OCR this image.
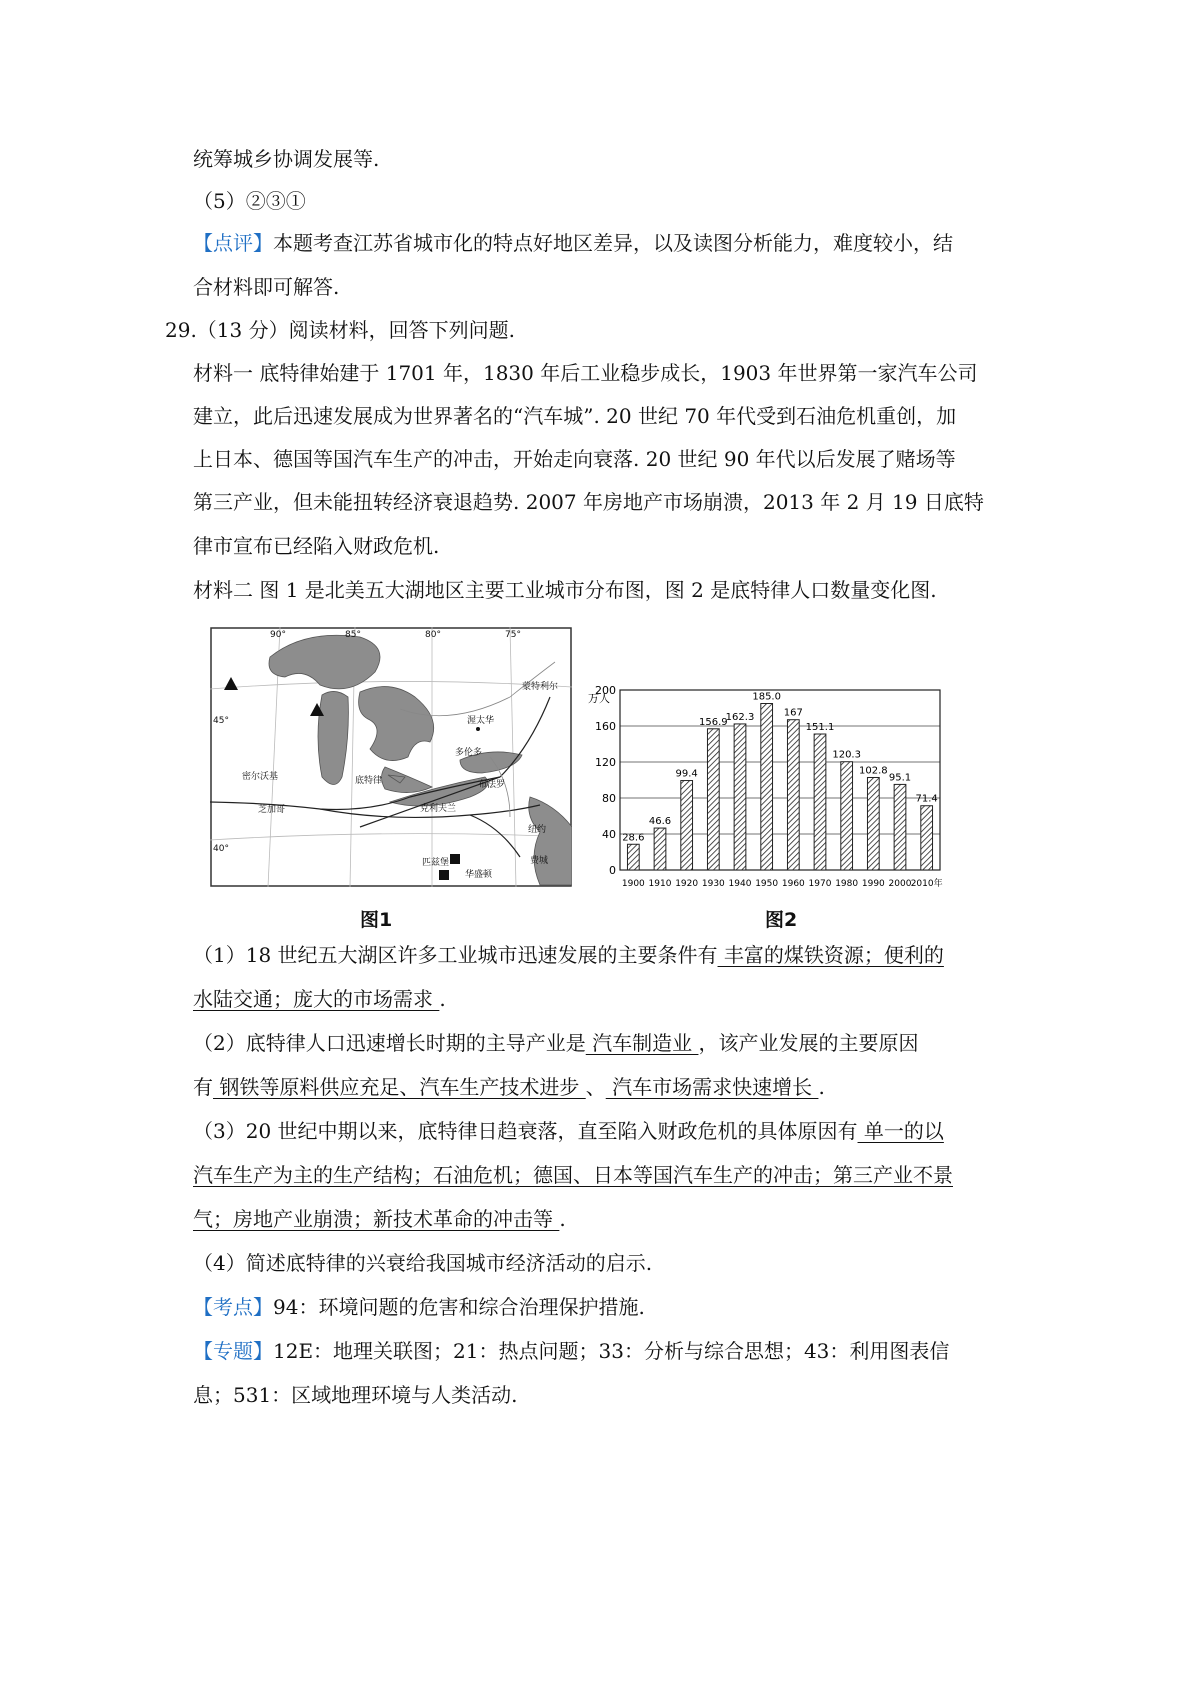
统筹城乡协调发展等.
（5）②③①
【点评】本题考查江苏省城市化的特点好地区差异，以及读图分析能力，难度较小，结
合材料即可解答.
29.（13 分）阅读材料，回答下列问题.
材料一 底特律始建于 1701 年，1830 年后工业稳步成长，1903 年世界第一家汽车公司
建立，此后迅速发展成为世界著名的“汽车城”. 20 世纪 70 年代受到石油危机重创，加
上日本、德国等国汽车生产的冲击，开始走向衰落. 20 世纪 90 年代以后发展了赌场等
第三产业，但未能扭转经济衰退趋势. 2007 年房地产市场崩溃，2013 年 2 月 19 日底特
律市宣布已经陷入财政危机.
材料二 图 1 是北美五大湖地区主要工业城市分布图，图 2 是底特律人口数量变化图.
90°	85°	80°	75°
45°
40°
蒙特利尔
渥太华
多伦多
密尔沃基
芝加哥
底特律	布法罗
克利夫兰
纽约
匹兹堡
华盛顿
费城
图1
万人
0
40
80
120
160
200
28.6
1900
46.6
1910
99.4
1920
156.9
1930
162.3
1940
185.0
1950
167
1960
151.1
1970
120.3
1980
102.8
1990
95.1
2000
71.4
2010年
图2
（1）18 世纪五大湖区许多工业城市迅速发展的主要条件有 丰富的煤铁资源；便利的
水陆交通；庞大的市场需求 .
（2）底特律人口迅速增长时期的主导产业是 汽车制造业 ，该产业发展的主要原因
有 钢铁等原料供应充足、汽车生产技术进步 、 汽车市场需求快速增长 .
（3）20 世纪中期以来，底特律日趋衰落，直至陷入财政危机的具体原因有 单一的以
汽车生产为主的生产结构；石油危机；德国、日本等国汽车生产的冲击；第三产业不景
气；房地产业崩溃；新技术革命的冲击等 .
（4）简述底特律的兴衰给我国城市经济活动的启示.
【考点】94：环境问题的危害和综合治理保护措施.
【专题】12E：地理关联图；21：热点问题；33：分析与综合思想；43：利用图表信
息；531：区域地理环境与人类活动.
